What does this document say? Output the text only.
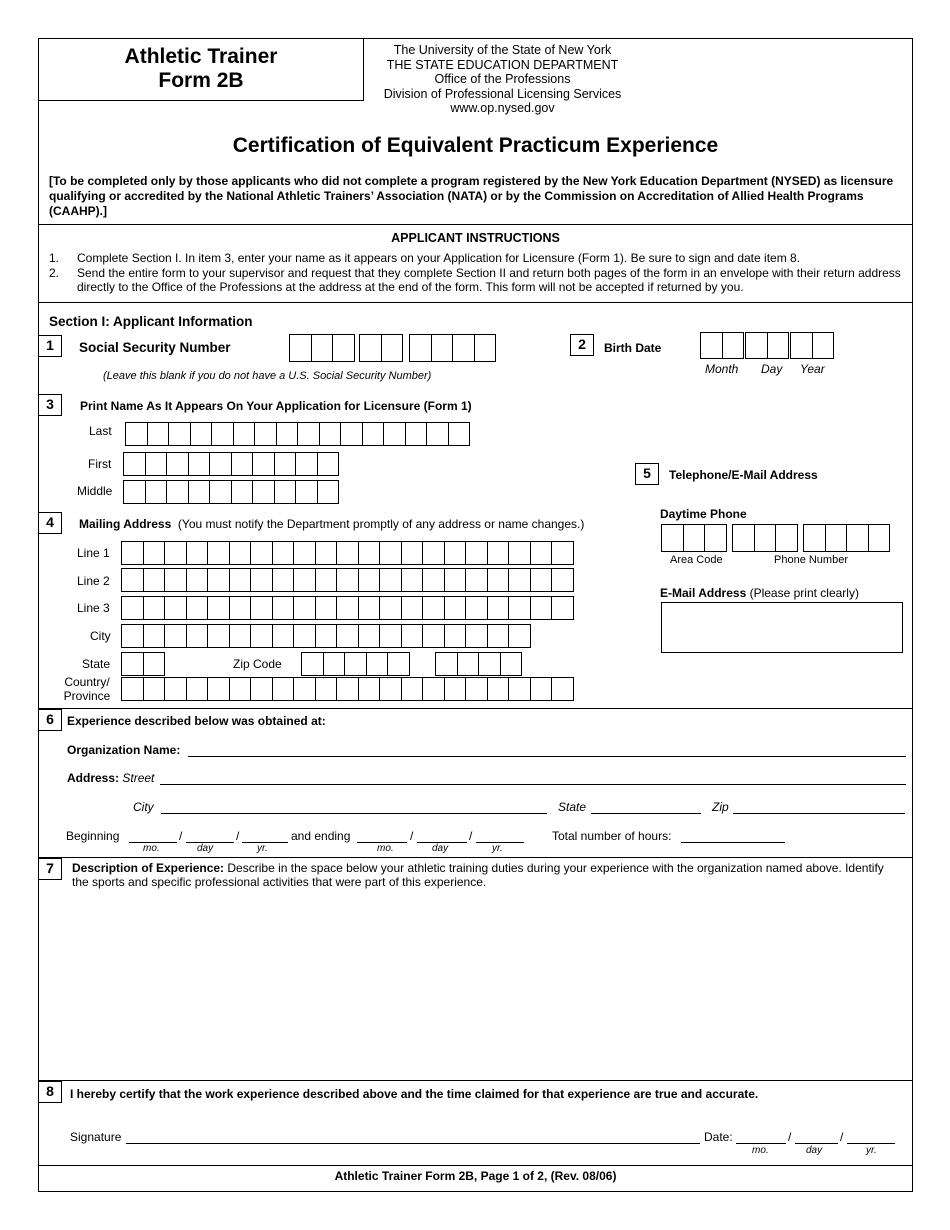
Athletic Trainer
Form 2B
The University of the State of New York
THE STATE EDUCATION DEPARTMENT
Office of the Professions
Division of Professional Licensing Services
www.op.nysed.gov
Certification of Equivalent Practicum Experience
[To be completed only by those applicants who did not complete a program registered by the New York Education Department (NYSED) as licensure qualifying or accredited by the National Athletic Trainers’ Association (NATA) or by the Commission on Accreditation of Allied Health Programs (CAAHP).]
APPLICANT INSTRUCTIONS
1.	Complete Section I. In item 3, enter your name as it appears on your Application for Licensure (Form 1). Be sure to sign and date item 8.
2.	Send the entire form to your supervisor and request that they complete Section II and return both pages of the form in an envelope with their return address directly to the Office of the Professions at the address at the end of the form. This form will not be accepted if returned by you.
Section I: Applicant Information
1	Social Security Number
(Leave this blank if you do not have a U.S. Social Security Number)
2	Birth Date
Month Day Year
3	Print Name As It Appears On Your Application for Licensure (Form 1)
Last
First
Middle
5	Telephone/E-Mail Address
Daytime Phone
Area Code	Phone Number
E-Mail Address (Please print clearly)
4	Mailing Address (You must notify the Department promptly of any address or name changes.)
Line 1
Line 2
Line 3
City
State	Zip Code
Country/
Province
6	Experience described below was obtained at:
Organization Name:
Address: Street
City	State	Zip
Beginning	/	/	and ending	/	/
mo.	day	yr.	mo.	day	yr.
Total number of hours:
7	Description of Experience: Describe in the space below your athletic training duties during your experience with the organization named above. Identify the sports and specific professional activities that were part of this experience.
8	I hereby certify that the work experience described above and the time claimed for that experience are true and accurate.
Signature	Date:	/	/
mo.	day	yr.
Athletic Trainer Form 2B, Page 1 of 2, (Rev. 08/06)
